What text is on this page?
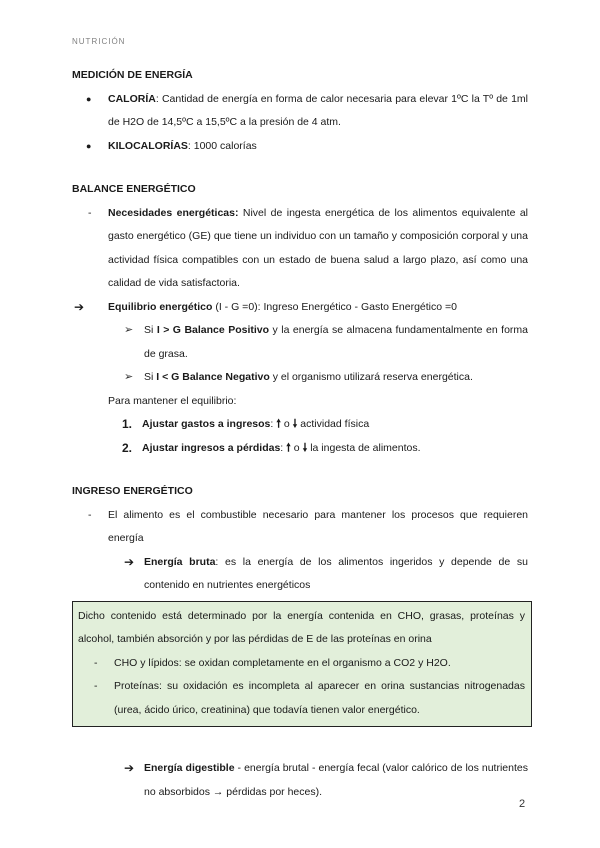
NUTRICIÓN
MEDICIÓN DE ENERGÍA
●	CALORÍA: Cantidad de energía en forma de calor necesaria para elevar 1ºC la Tº de 1ml de H2O de 14,5ºC a 15,5ºC a la presión de 4 atm.
●	KILOCALORÍAS: 1000 calorías
BALANCE ENERGÉTICO
-	Necesidades energéticas: Nivel de ingesta energética de los alimentos equivalente al gasto energético (GE) que tiene un individuo con un tamaño y composición corporal y una actividad física compatibles con un estado de buena salud a largo plazo, así como una calidad de vida satisfactoria.
➔	Equilibrio energético (I - G =0): Ingreso Energético - Gasto Energético =0
➢	Si I > G Balance Positivo y la energía se almacena fundamentalmente en forma de grasa.
➢	Si I < G Balance Negativo y el organismo utilizará reserva energética.
Para mantener el equilibrio:
1. Ajustar gastos a ingresos: 🠕 o 🠗 actividad física
2. Ajustar ingresos a pérdidas: 🠕 o 🠗 la ingesta de alimentos.
INGRESO ENERGÉTICO
-	El alimento es el combustible necesario para mantener los procesos que requieren energía
➔ Energía bruta: es la energía de los alimentos ingeridos y depende de su contenido en nutrientes energéticos
Dicho contenido está determinado por la energía contenida en CHO, grasas, proteínas y alcohol, también absorción y por las pérdidas de E de las proteínas en orina
-	CHO y lípidos: se oxidan completamente en el organismo a CO2 y H2O.
-	Proteínas: su oxidación es incompleta al aparecer en orina sustancias nitrogenadas (urea, ácido úrico, creatinina) que todavía tienen valor energético.
➔ Energía digestible - energía brutal - energía fecal (valor calórico de los nutrientes no absorbidos → pérdidas por heces).
2
